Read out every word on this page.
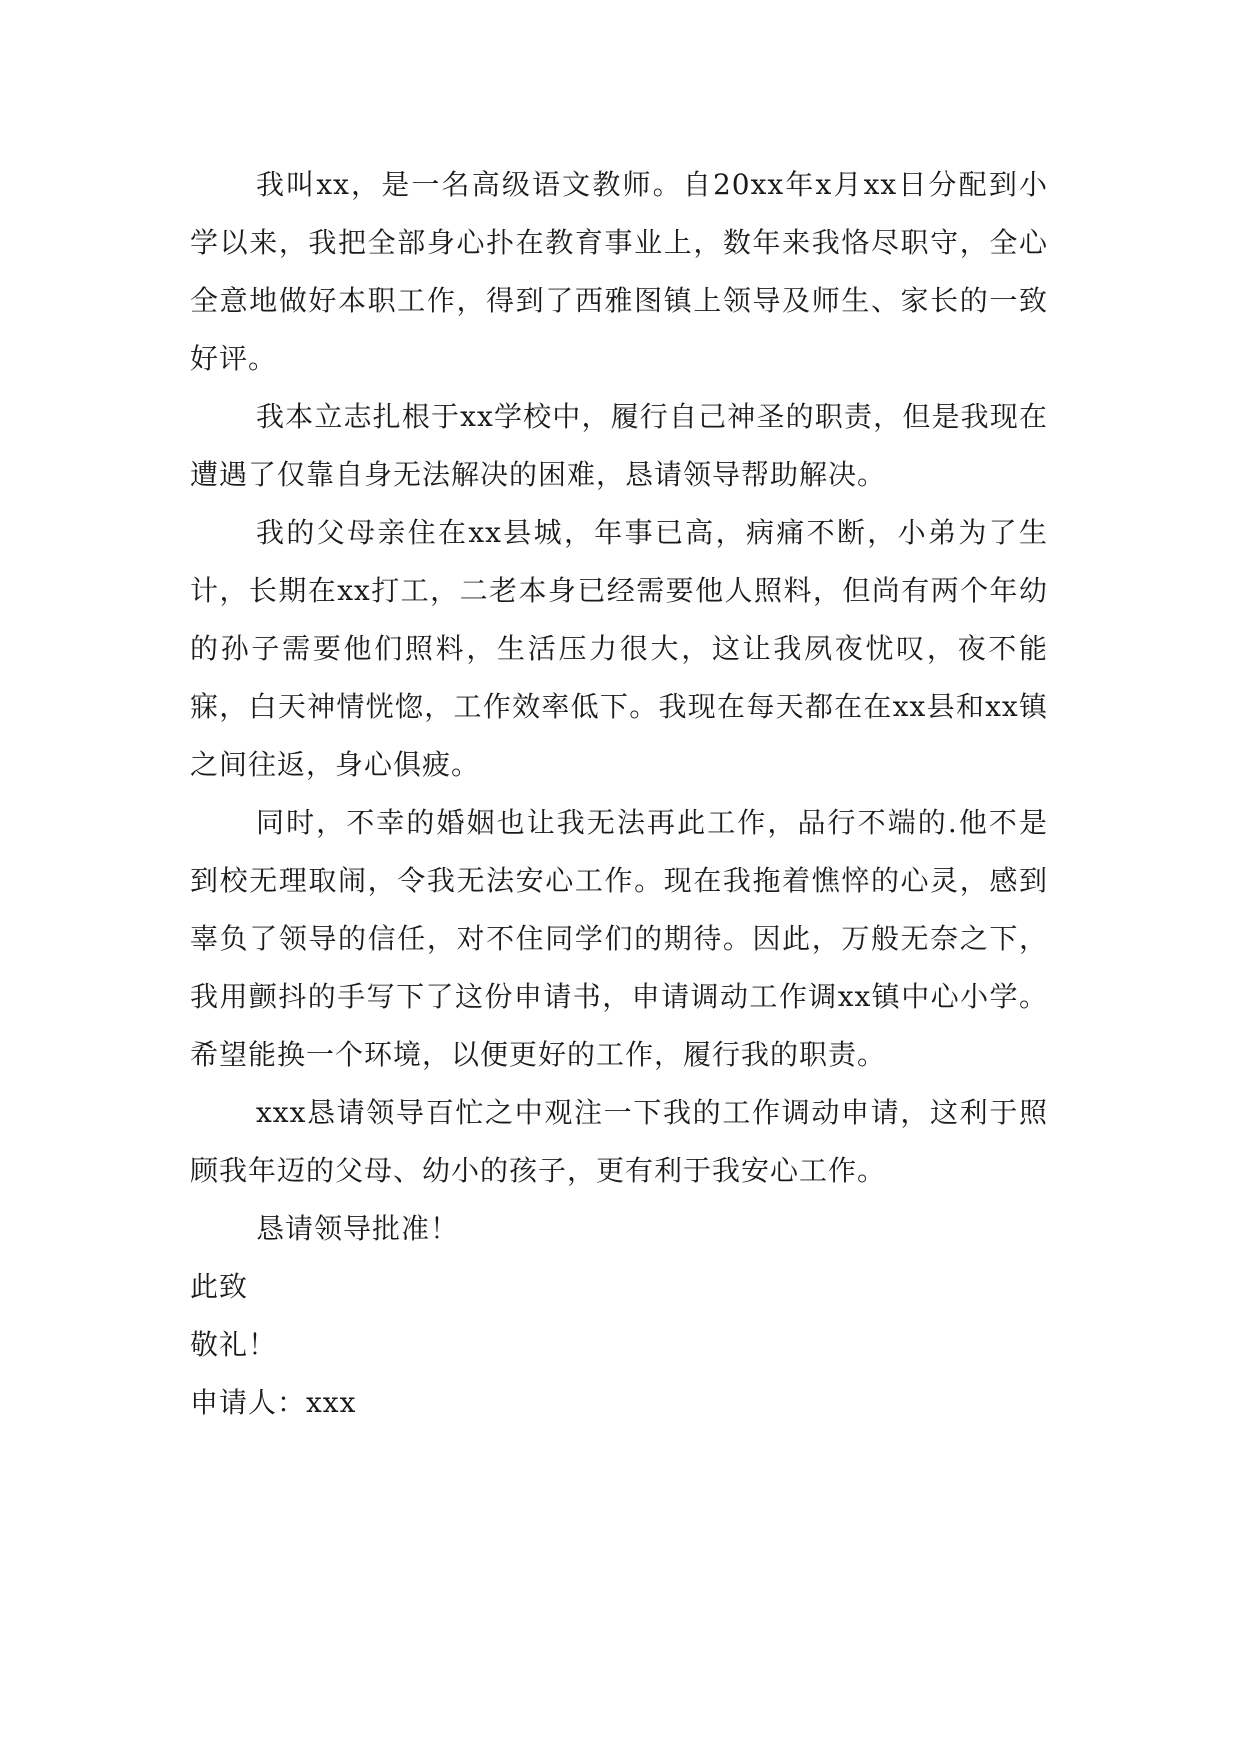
我叫xx，是一名高级语文教师。自20xx年x月xx日分配到小学以来，我把全部身心扑在教育事业上，数年来我恪尽职守，全心全意地做好本职工作，得到了西雅图镇上领导及师生、家长的一致好评。

我本立志扎根于xx学校中，履行自己神圣的职责，但是我现在遭遇了仅靠自身无法解决的困难，恳请领导帮助解决。

我的父母亲住在xx县城，年事已高，病痛不断，小弟为了生计，长期在xx打工，二老本身已经需要他人照料，但尚有两个年幼的孙子需要他们照料，生活压力很大，这让我夙夜忧叹，夜不能寐，白天神情恍惚，工作效率低下。我现在每天都在在xx县和xx镇之间往返，身心俱疲。

同时，不幸的婚姻也让我无法再此工作，品行不端的.他不是到校无理取闹，令我无法安心工作。现在我拖着憔悴的心灵，感到辜负了领导的信任，对不住同学们的期待。因此，万般无奈之下，我用颤抖的手写下了这份申请书，申请调动工作调xx镇中心小学。希望能换一个环境，以便更好的工作，履行我的职责。

xxx恳请领导百忙之中观注一下我的工作调动申请，这利于照顾我年迈的父母、幼小的孩子，更有利于我安心工作。

恳请领导批准！

此致

敬礼！

申请人：xxx
